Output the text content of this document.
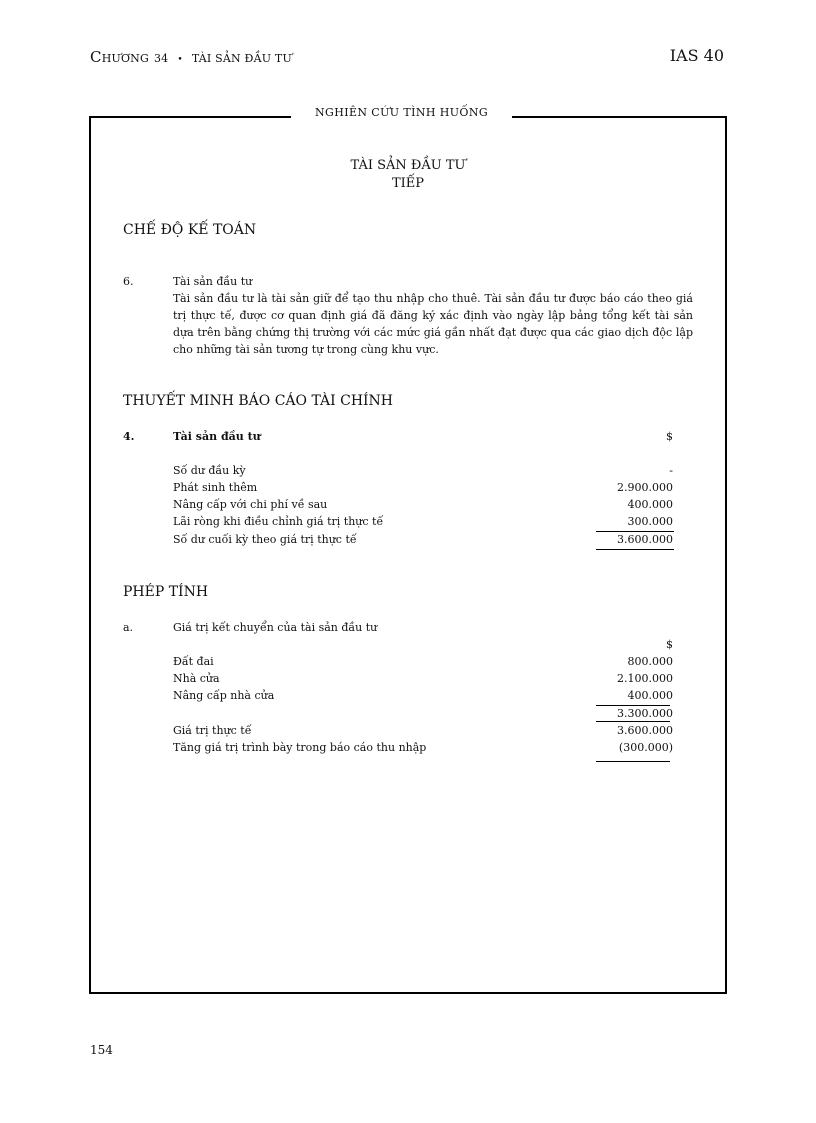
CHƯƠNG 34 • TÀI SẢN ĐẦU TƯ	IAS 40
NGHIÊN CỨU TÌNH HUỐNG
TÀI SẢN ĐẦU TƯ
TIẾP
CHẾ ĐỘ KẾ TOÁN
6.	Tài sản đầu tư
Tài sản đầu tư là tài sản giữ để tạo thu nhập cho thuê. Tài sản đầu tư được báo cáo theo giá trị thực tế, được cơ quan định giá đã đăng ký xác định vào ngày lập bảng tổng kết tài sản dựa trên bằng chứng thị trường với các mức giá gần nhất đạt được qua các giao dịch độc lập cho những tài sản tương tự trong cùng khu vực.
THUYẾT MINH BÁO CÁO TÀI CHÍNH
4.	Tài sản đầu tư	$
Số dư đầu kỳ	-
Phát sinh thêm	2.900.000
Nâng cấp với chi phí về sau	400.000
Lãi ròng khi điều chỉnh giá trị thực tế	300.000
Số dư cuối kỳ theo giá trị thực tế	3.600.000
PHÉP TÍNH
a.	Giá trị kết chuyển của tài sản đầu tư
$
Đất đai	800.000
Nhà cửa	2.100.000
Nâng cấp nhà cửa	400.000
3.300.000
Giá trị thực tế	3.600.000
Tăng giá trị trình bày trong báo cáo thu nhập	(300.000)
154
